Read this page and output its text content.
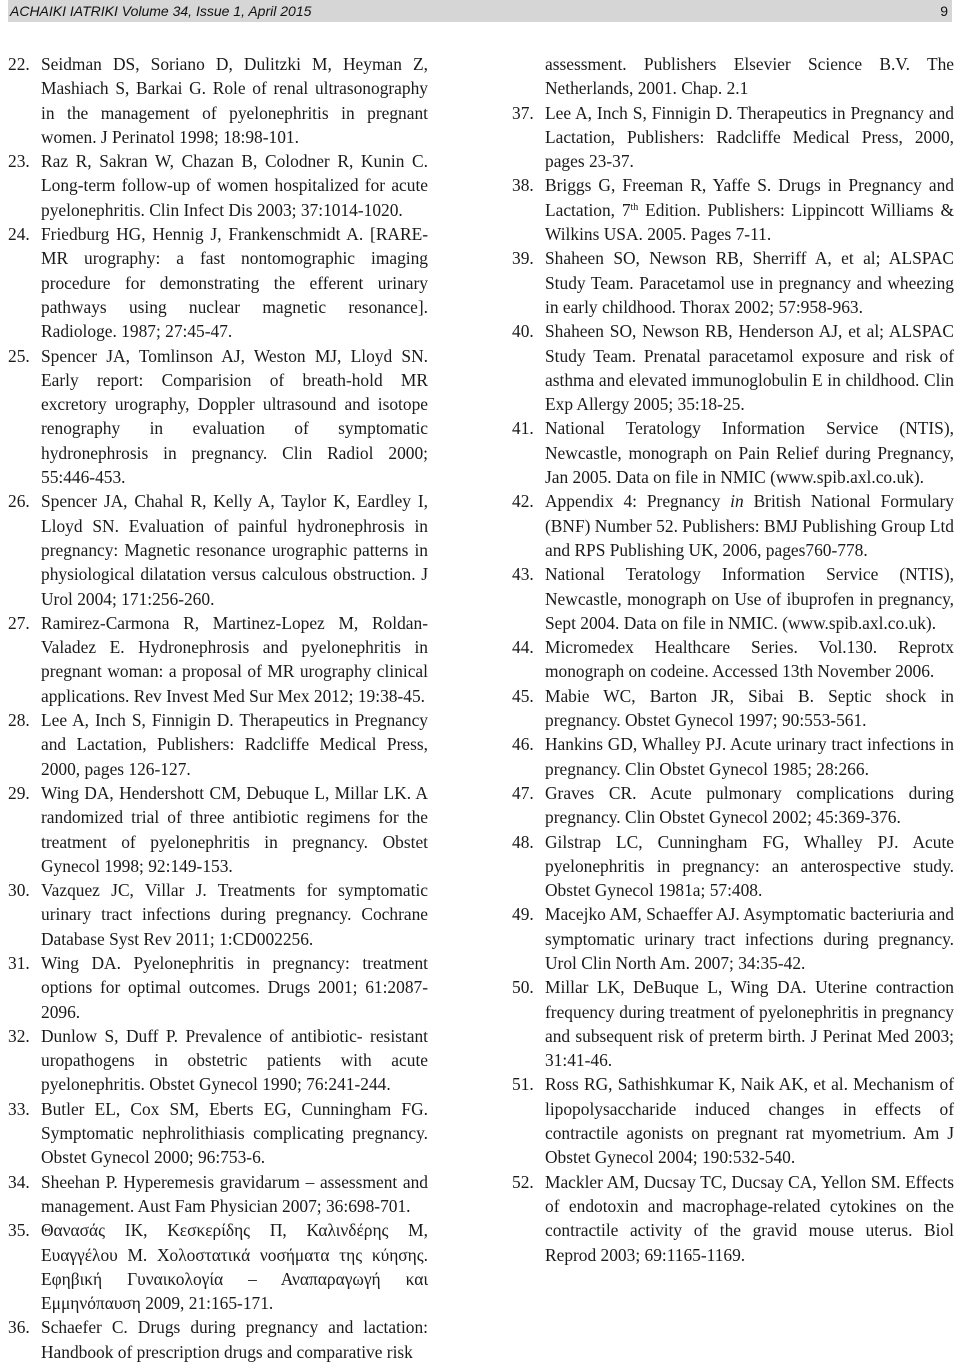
ACHAIKI IATRIKI Volume 34, Issue 1, April 2015	9
22. Seidman DS, Soriano D, Dulitzki M, Heyman Z, Mashiach S, Barkai G. Role of renal ultrasonography in the management of pyelonephritis in pregnant women. J Perinatol 1998; 18:98-101.
23. Raz R, Sakran W, Chazan B, Colodner R, Kunin C. Long-term follow-up of women hospitalized for acute pyelonephritis. Clin Infect Dis 2003; 37:1014-1020.
24. Friedburg HG, Hennig J, Frankenschmidt A. [RARE-MR urography: a fast nontomographic imaging procedure for demonstrating the efferent urinary pathways using nuclear magnetic resonance]. Radiologe. 1987; 27:45-47.
25. Spencer JA, Tomlinson AJ, Weston MJ, Lloyd SN. Early report: Comparision of breath-hold MR excretory urography, Doppler ultrasound and isotope renography in evaluation of symptomatic hydronephrosis in pregnancy. Clin Radiol 2000; 55:446-453.
26. Spencer JA, Chahal R, Kelly A, Taylor K, Eardley I, Lloyd SN. Evaluation of painful hydronephrosis in pregnancy: Magnetic resonance urographic patterns in physiological dilatation versus calculous obstruction. J Urol 2004; 171:256-260.
27. Ramirez-Carmona R, Martinez-Lopez M, Roldan-Valadez E. Hydronephrosis and pyelonephritis in pregnant woman: a proposal of MR urography clinical applications. Rev Invest Med Sur Mex 2012; 19:38-45.
28. Lee A, Inch S, Finnigin D. Therapeutics in Pregnancy and Lactation, Publishers: Radcliffe Medical Press, 2000, pages 126-127.
29. Wing DA, Hendershott CM, Debuque L, Millar LK. A randomized trial of three antibiotic regimens for the treatment of pyelonephritis in pregnancy. Obstet Gynecol 1998; 92:149-153.
30. Vazquez JC, Villar J. Treatments for symptomatic urinary tract infections during pregnancy. Cochrane Database Syst Rev 2011; 1:CD002256.
31. Wing DA. Pyelonephritis in pregnancy: treatment options for optimal outcomes. Drugs 2001; 61:2087-2096.
32. Dunlow S, Duff P. Prevalence of antibiotic- resistant uropathogens in obstetric patients with acute pyelonephritis. Obstet Gynecol 1990; 76:241-244.
33. Butler EL, Cox SM, Eberts EG, Cunningham FG. Symptomatic nephrolithiasis complicating pregnancy. Obstet Gynecol 2000; 96:753-6.
34. Sheehan P. Hyperemesis gravidarum – assessment and management. Aust Fam Physician 2007; 36:698-701.
35. Θανασάς ΙΚ, Κεσκερίδης Π, Καλινδέρης Μ, Ευαγγέλου Μ. Χολοστατικά νοσήματα της κύησης. Εφηβική Γυναικολογία – Αναπαραγωγή και Εμμηνόπαυση 2009, 21:165-171.
36. Schaefer C. Drugs during pregnancy and lactation: Handbook of prescription drugs and comparative risk
assessment. Publishers Elsevier Science B.V. The Netherlands, 2001. Chap. 2.1
37. Lee A, Inch S, Finnigin D. Therapeutics in Pregnancy and Lactation, Publishers: Radcliffe Medical Press, 2000, pages 23-37.
38. Briggs G, Freeman R, Yaffe S. Drugs in Pregnancy and Lactation, 7th Edition. Publishers: Lippincott Williams & Wilkins USA. 2005. Pages 7-11.
39. Shaheen SO, Newson RB, Sherriff A, et al; ALSPAC Study Team. Paracetamol use in pregnancy and wheezing in early childhood. Thorax 2002; 57:958-963.
40. Shaheen SO, Newson RB, Henderson AJ, et al; ALSPAC Study Team. Prenatal paracetamol exposure and risk of asthma and elevated immunoglobulin E in childhood. Clin Exp Allergy 2005; 35:18-25.
41. National Teratology Information Service (NTIS), Newcastle, monograph on Pain Relief during Pregnancy, Jan 2005. Data on file in NMIC (www.spib.axl.co.uk).
42. Appendix 4: Pregnancy in British National Formulary (BNF) Number 52. Publishers: BMJ Publishing Group Ltd and RPS Publishing UK, 2006, pages760-778.
43. National Teratology Information Service (NTIS), Newcastle, monograph on Use of ibuprofen in pregnancy, Sept 2004. Data on file in NMIC. (www.spib.axl.co.uk).
44. Micromedex Healthcare Series. Vol.130. Reprotx monograph on codeine. Accessed 13th November 2006.
45. Mabie WC, Barton JR, Sibai B. Septic shock in pregnancy. Obstet Gynecol 1997; 90:553-561.
46. Hankins GD, Whalley PJ. Acute urinary tract infections in pregnancy. Clin Obstet Gynecol 1985; 28:266.
47. Graves CR. Acute pulmonary complications during pregnancy. Clin Obstet Gynecol 2002; 45:369-376.
48. Gilstrap LC, Cunningham FG, Whalley PJ. Acute pyelonephritis in pregnancy: an anterospective study. Obstet Gynecol 1981a; 57:408.
49. Macejko AM, Schaeffer AJ. Asymptomatic bacteriuria and symptomatic urinary tract infections during pregnancy. Urol Clin North Am. 2007; 34:35-42.
50. Millar LK, DeBuque L, Wing DA. Uterine contraction frequency during treatment of pyelonephritis in pregnancy and subsequent risk of preterm birth. J Perinat Med 2003; 31:41-46.
51. Ross RG, Sathishkumar K, Naik AK, et al. Mechanism of lipopolysaccharide induced changes in effects of contractile agonists on pregnant rat myometrium. Am J Obstet Gynecol 2004; 190:532-540.
52. Mackler AM, Ducsay TC, Ducsay CA, Yellon SM. Effects of endotoxin and macrophage-related cytokines on the contractile activity of the gravid mouse uterus. Biol Reprod 2003; 69:1165-1169.
